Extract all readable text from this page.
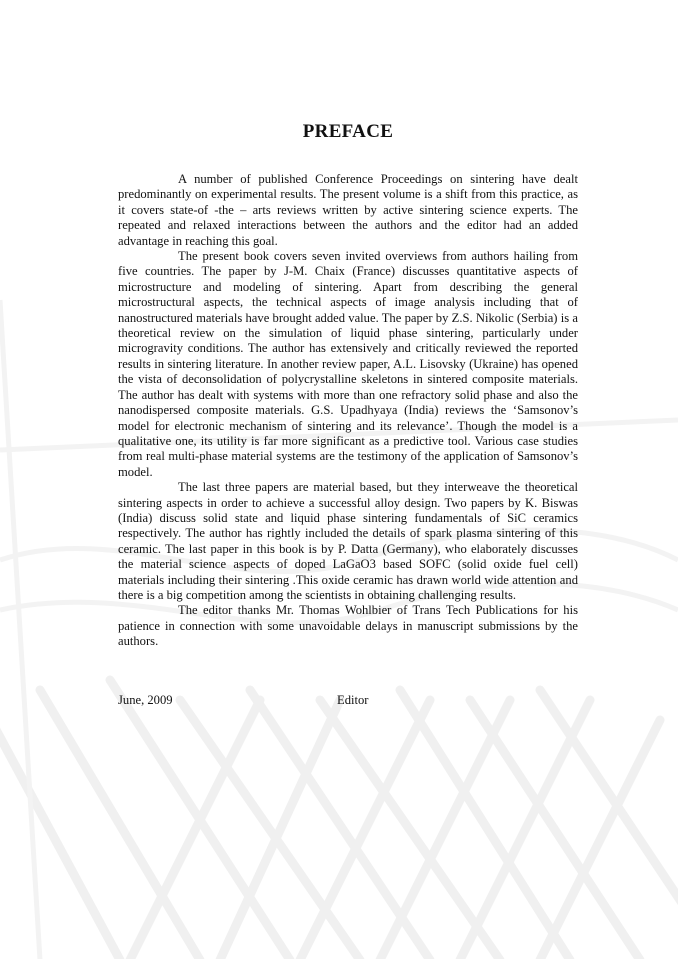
PREFACE

A number of published Conference Proceedings on sintering have dealt predominantly on experimental results. The present volume is a shift from this practice, as it covers state-of -the – arts reviews written by active sintering science experts. The repeated and relaxed interactions between the authors and the editor had an added advantage in reaching this goal.

The present book covers seven invited overviews from authors hailing from five countries. The paper by J-M. Chaix (France) discusses quantitative aspects of microstructure and modeling of sintering. Apart from describing the general microstructural aspects, the technical aspects of image analysis including that of nanostructured materials have brought added value. The paper by Z.S. Nikolic (Serbia) is a theoretical review on the simulation of liquid phase sintering, particularly under microgravity conditions. The author has extensively and critically reviewed the reported results in sintering literature. In another review paper, A.L. Lisovsky (Ukraine) has opened the vista of deconsolidation of polycrystalline skeletons in sintered composite materials. The author has dealt with systems with more than one refractory solid phase and also the nanodispersed composite materials. G.S. Upadhyaya (India) reviews the ‘Samsonov’s model for electronic mechanism of sintering and its relevance’. Though the model is a qualitative one, its utility is far more significant as a predictive tool. Various case studies from real multi-phase material systems are the testimony of the application of Samsonov’s model.

The last three papers are material based, but they interweave the theoretical sintering aspects in order to achieve a successful alloy design. Two papers by K. Biswas (India) discuss solid state and liquid phase sintering fundamentals of SiC ceramics respectively. The author has rightly included the details of spark plasma sintering of this ceramic. The last paper in this book is by P. Datta (Germany), who elaborately discusses the material science aspects of doped LaGaO3 based SOFC (solid oxide fuel cell) materials including their sintering .This oxide ceramic has drawn world wide attention and there is a big competition among the scientists in obtaining challenging results.

The editor thanks Mr. Thomas Wohlbier of Trans Tech Publications for his patience in connection with some unavoidable delays in manuscript submissions by the authors.

June, 2009	Editor
